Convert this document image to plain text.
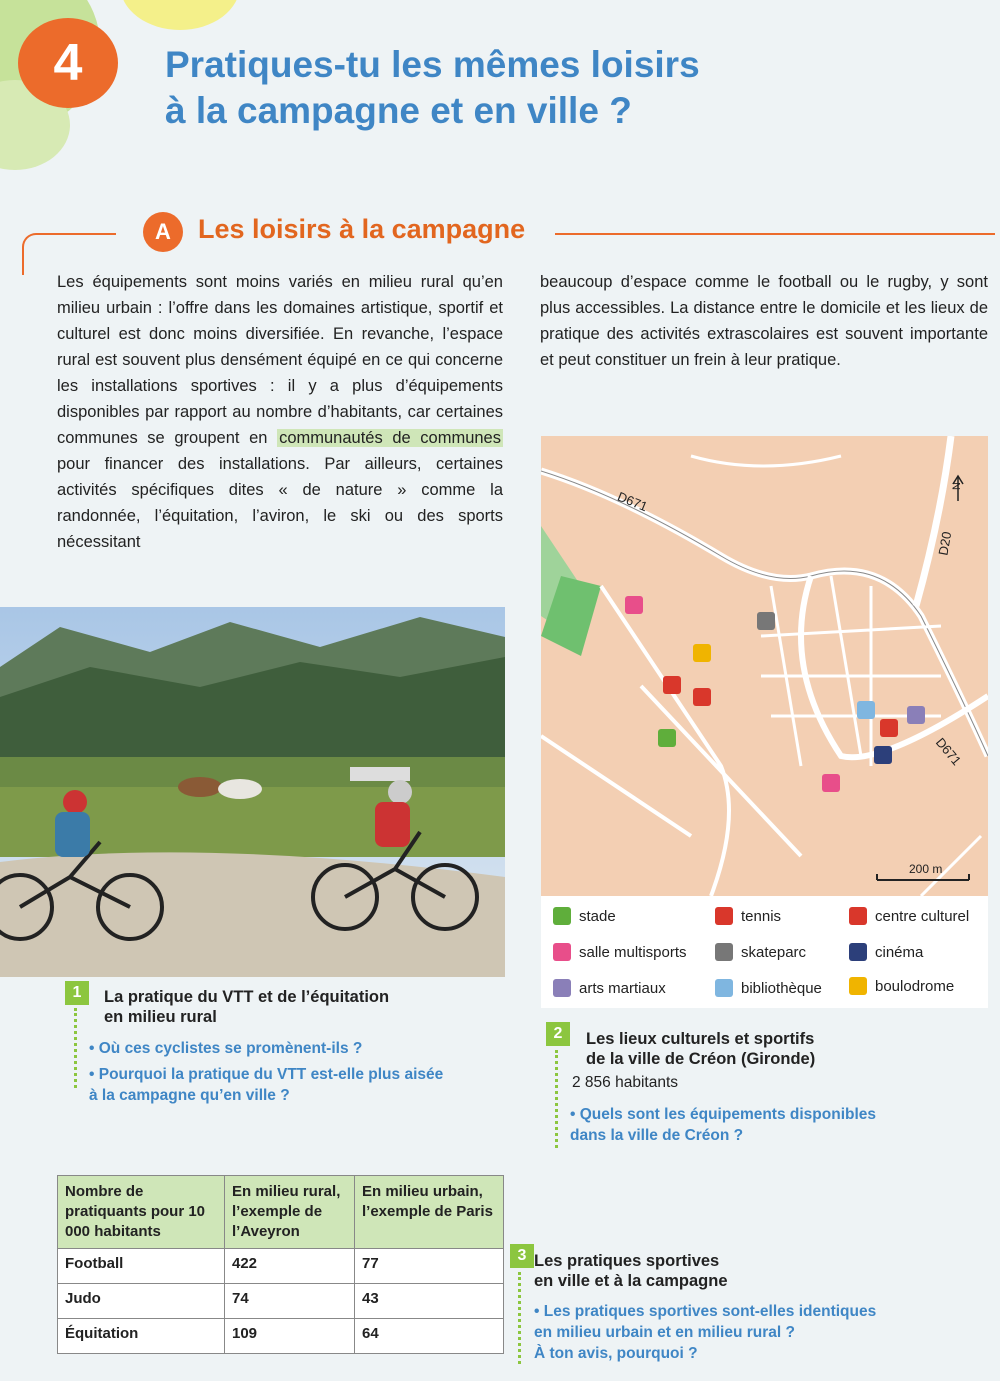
4	Pratiques-tu les mêmes loisirs
à la campagne et en ville ?
A	Les loisirs à la campagne

Les équipements sont moins variés en milieu rural qu’en milieu urbain : l’offre dans les domaines artistique, sportif et culturel est donc moins diversifiée. En revanche, l’espace rural est souvent plus densément équipé en ce qui concerne les installations sportives : il y a plus d’équipements disponibles par rapport au nombre d’habitants, car certaines communes se groupent en communautés de communes pour financer des installations. Par ailleurs, certaines activités spécifiques dites « de nature » comme la randonnée, l’équitation, l’aviron, le ski ou des sports nécessitant

beaucoup d’espace comme le football ou le rugby, y sont plus accessibles. La distance entre le domicile et les lieux de pratique des activités extrascolaires est souvent importante et peut constituer un frein à leur pratique.

1	La pratique du VTT et de l’équitation
en milieu rural

• Où ces cyclistes se promènent-ils ?

• Pourquoi la pratique du VTT est-elle plus aisée
à la campagne qu’en ville ?

D671
D20
D671
N
200 m
stade	tennis	centre culturel
salle multisports	skateparc	cinéma
arts martiaux	bibliothèque	boulodrome
2	Les lieux culturels et sportifs
de la ville de Créon (Gironde)

2 856 habitants

• Quels sont les équipements disponibles
dans la ville de Créon ?

Nombre de pratiquants pour 10 000 habitants	En milieu rural, l’exemple de l’Aveyron	En milieu urbain, l’exemple de Paris
Football	422	77
Judo	74	43
Équitation	109	64
3 Les pratiques sportives
en ville et à la campagne

• Les pratiques sportives sont-elles identiques
en milieu urbain et en milieu rural ?
À ton avis, pourquoi ?
